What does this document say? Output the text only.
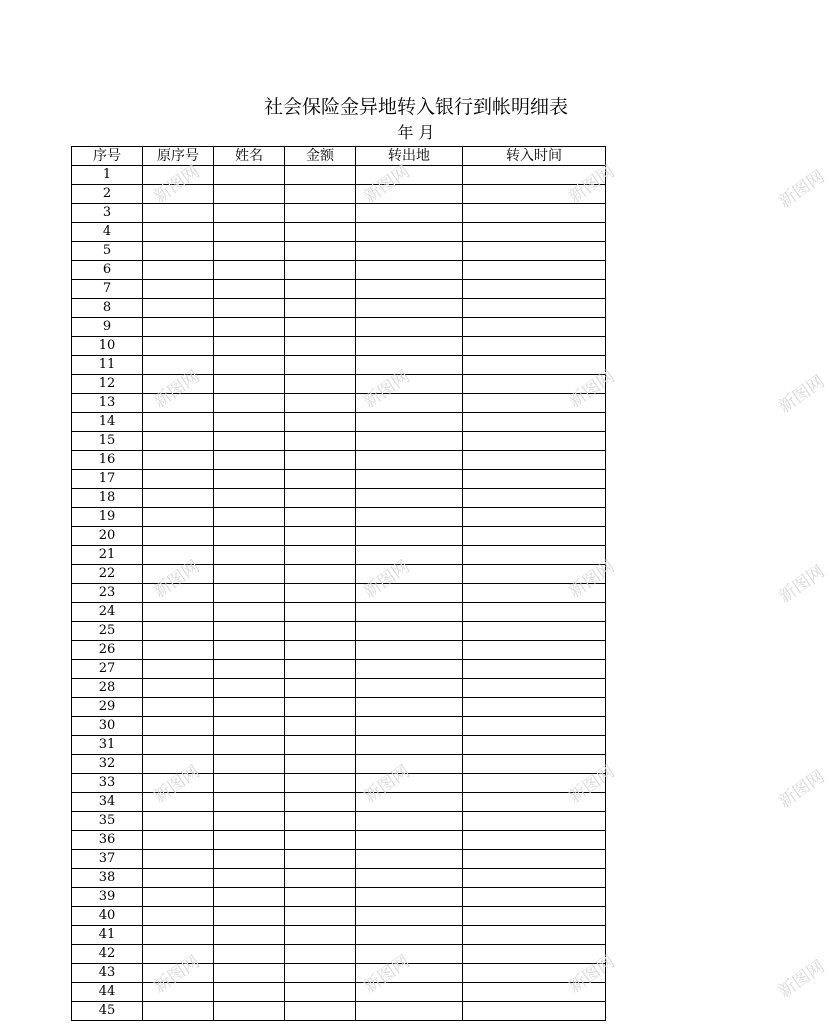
社会保险金异地转入银行到帐明细表
年 月
序号	原序号	姓名	金额	转出地	转入时间
1					
2					
3					
4					
5					
6					
7					
8					
9					
10					
11					
12					
13					
14					
15					
16					
17					
18					
19					
20					
21					
22					
23					
24					
25					
26					
27					
28					
29					
30					
31					
32					
33					
34					
35					
36					
37					
38					
39					
40					
41					
42					
43					
44					
45					
新图网	新图网	新图网	新图网
新图网	新图网	新图网	新图网
新图网	新图网	新图网	新图网
新图网	新图网	新图网	新图网
新图网	新图网	新图网	新图网
